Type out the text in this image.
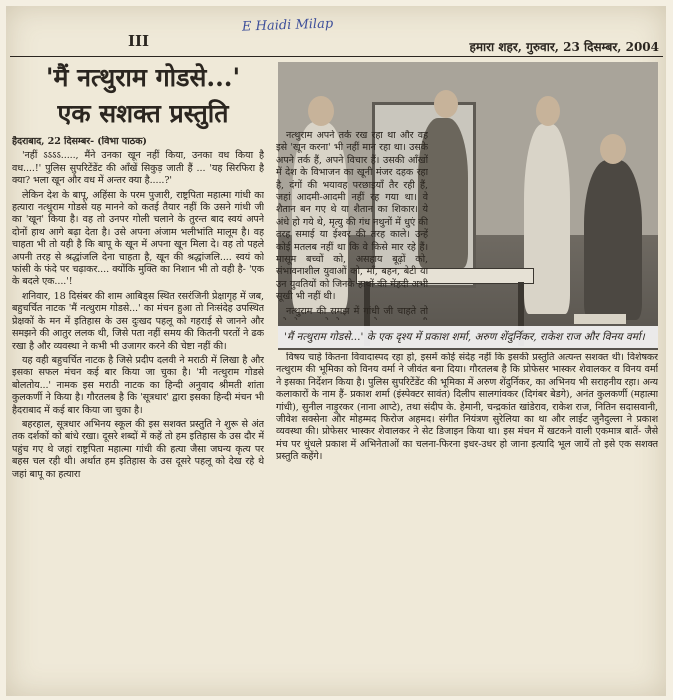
E Haidi Milap
III	हमारा शहर, गुरुवार, 23 दिसम्बर, 2004
'मैं नत्थुराम गोडसे...'
एक सशक्त प्रस्तुति
'मैं नत्थुराम गोडसे...' के एक दृश्य में प्रकाश शर्मा, अरुण शेंदुर्निकर, राकेश राज और विनय वर्मा।

हैदराबाद, 22 दिसम्बर- (विभा पाठक)

'नहीं ऽऽऽऽ....., मैंने उनका खून नहीं किया, उनका वध किया है वध....!' पुलिस सुपरिटेंडेंट की आँखें सिकुड़ जाती हैं ... 'यह सिरफिरा है क्या? भला खून और वध में अन्तर क्या है.....?'

लेकिन देश के बापू, अहिंसा के परम पुजारी, राष्ट्रपिता महात्मा गांधी का हत्यारा नत्थुराम गोडसे यह मानने को कतई तैयार नहीं कि उसने गांधी जी का 'खून' किया है। वह तो उनपर गोली चलाने के तुरन्त बाद स्वयं अपने दोनों हाथ आगे बढ़ा देता है। उसे अपना अंजाम भलीभांति मालूम है। वह चाहता भी तो यही है कि बापू के खून में अपना खून मिला दे। वह तो पहले अपनी तरह से श्रद्धांजलि देना चाहता है, खून की श्रद्धांजलि.... स्वयं को फांसी के फंदे पर चढ़ाकर.... क्योंकि मुक्ति का निशान भी तो वही है- 'एक के बदले एक....'!

शनिवार, 18 दिसंबर की शाम आबिड्स स्थित रसरंजिनी प्रेक्षागृह में जब, बहुचर्चित नाटक 'मैं नत्थुराम गोडसे...' का मंचन हुआ तो निःसंदेह उपस्थित प्रेक्षकों के मन में इतिहास के उस दुःखद पहलू को गहराई से जानने और समझने की आतुर ललक थी, जिसे पता नहीं समय की कितनी परतों ने ढक रखा है और व्यवस्था ने कभी भी उजागर करने की चेष्टा नहीं की।

यह वही बहुचर्चित नाटक है जिसे प्रदीप दलवी ने मराठी में लिखा है और इसका सफल मंचन कई बार किया जा चुका है। 'मी नत्थुराम गोडसे बोलतोय...' नामक इस मराठी नाटक का हिन्दी अनुवाद श्रीमती शांता कुलकर्णी ने किया है। गौरतलब है कि 'सूत्रधार' द्वारा इसका हिन्दी मंचन भी हैदराबाद में कई बार किया जा चुका है।

बहरहाल, सूत्रधार अभिनय स्कूल की इस सशक्त प्रस्तुति ने शुरू से अंत तक दर्शकों को बांधे रखा। दूसरे शब्दों में कहें तो हम इतिहास के उस दौर में पहुंच गए थे जहां राष्ट्रपिता महात्मा गांधी की हत्या जैसा जघन्य कृत्य पर बहस चल रही थी। अर्थात हम इतिहास के उस दूसरे पहलू को देख रहे थे जहां बापू का हत्यारा

नत्थुराम अपने तर्क रख रहा था और वह इसे 'खून करना' भी नहीं मान रहा था। उसके अपने तर्क हैं, अपने विचार हैं। उसकी आँखों में देश के विभाजन का खूनी मंजर दहक रहा है, दंगों की भयावह परछाइयाँ तैर रही हैं, जहां आदमी-आदमी नहीं रह गया था। वे शैतान बन गए थे या शैतान का शिकार। ये अंधे हो गये थे, मृत्यु की गंध नथुनों में धुएं की तरह समाई या ईश्वर की तरह काले। उन्हें कोई मतलब नहीं था कि वे किसे मार रहे हैं। मासूम बच्चों को, असहाय बूढ़ों को, संभावनाशील युवाओं को, माँ, बहन, बेटी या उन युवतियों को जिनके हाथों की मेंहदी अभी सूखी भी नहीं थी।

नत्थुराम की समझ में गांधी जी चाहते तो

विषय चाहे कितना विवादास्पद रहा हो, इसमें कोई संदेह नहीं कि इसकी प्रस्तुति अत्यन्त सशक्त थी। विशेषकर नत्थुराम की भूमिका को विनय वर्मा ने जीवंत बना दिया। गौरतलब है कि प्रोफेसर भास्कर शेवालकर व विनय वर्मा ने इसका निर्देशन किया है। पुलिस सुपरिटेंडेंट की भूमिका में अरुण शेंदुर्निकर, का अभिनय भी सराहनीय रहा। अन्य कलाकारों के नाम हैं- प्रकाश शर्मा (इंस्पेक्टर सावंत) दिलीप सालगांवकर (दिगंबर बेडगे), अनंत कुलकर्णी (महात्मा गांधी), सुनील नाड़ुरकर (नाना आप्टे), तथा संदीप के. हेमानी, चन्द्रकांत खांडेराव, राकेश राज, नितिन सदासवानी, जीवेश सक्सेना और मोहम्मद फिरोज अहमद। संगीत नियंत्रण सुरेलिया का था और लाईट जुनैदुल्ला ने प्रकाश व्यवस्था की। प्रोफेसर भास्कर शेवालकर ने सेट डिजाइन किया था। इस मंचन में खटकने वाली एकमात्र बातें- जैसे मंच पर धुंधले प्रकाश में अभिनेताओं का चलना-फिरना इधर-उधर हो जाना इत्यादि भूल जायें तो इसे एक सशक्त प्रस्तुति कहेंगे।
